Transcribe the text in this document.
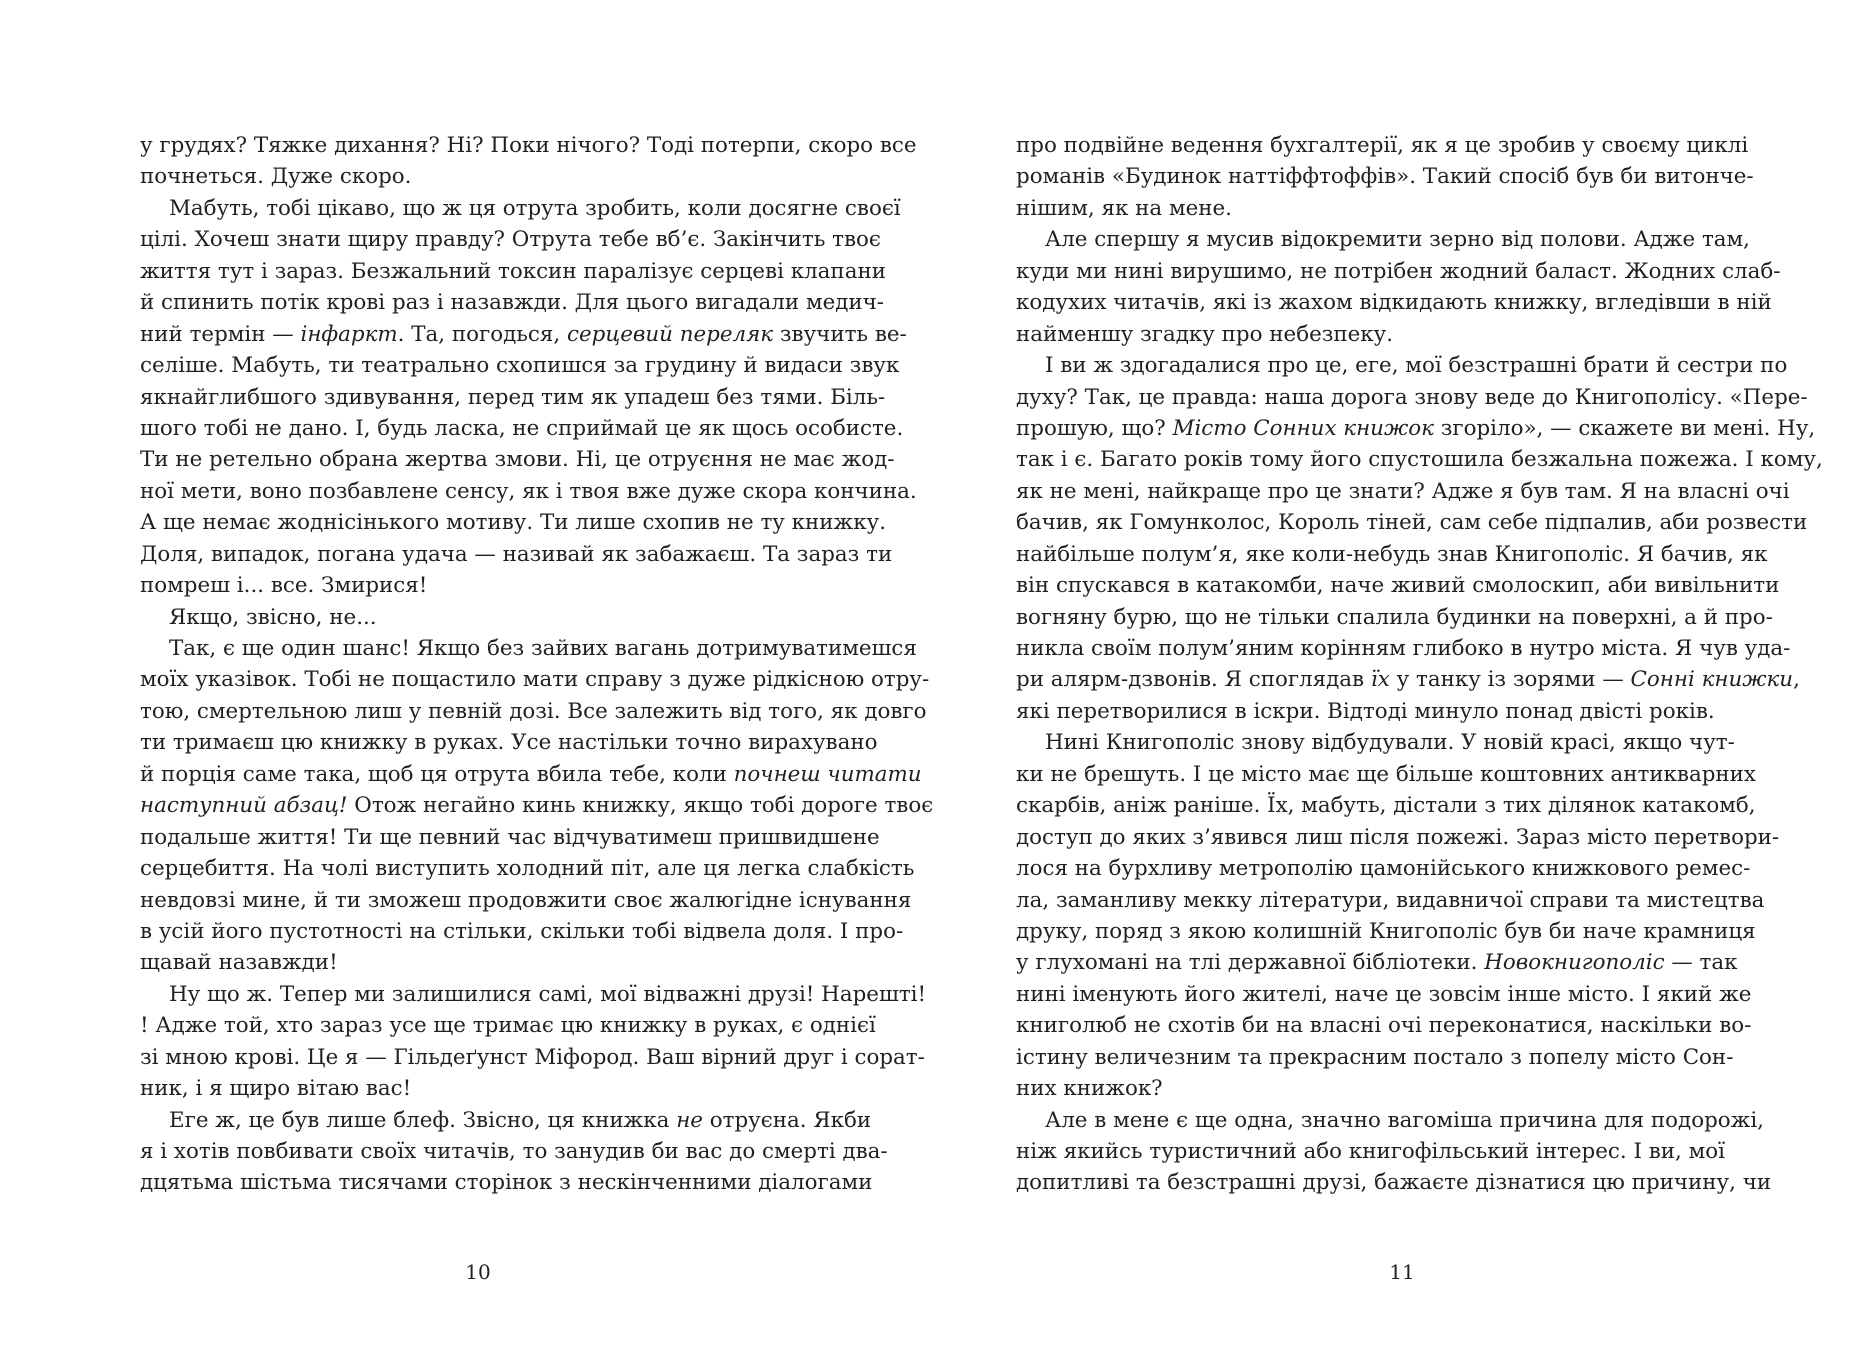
у грудях? Тяжке дихання? Ні? Поки нічого? Тоді потерпи, скоро все
почнеться. Дуже скоро.
Мабуть, тобі цікаво, що ж ця отрута зробить, коли досягне своєї
цілі. Хочеш знати щиру правду? Отрута тебе вб’є. Закінчить твоє
життя тут і зараз. Безжальний токсин паралізує серцеві клапани
й спинить потік крові раз і назавжди. Для цього вигадали медич-
ний термін — інфаркт. Та, погодься, серцевий переляк звучить ве-
селіше. Мабуть, ти театрально схопишся за грудину й видаси звук
якнайглибшого здивування, перед тим як упадеш без тями. Біль-
шого тобі не дано. І, будь ласка, не сприймай це як щось особисте.
Ти не ретельно обрана жертва змови. Ні, це отруєння не має жод-
ної мети, воно позбавлене сенсу, як і твоя вже дуже скора кончина.
А ще немає жоднісінького мотиву. Ти лише схопив не ту книжку.
Доля, випадок, погана удача — називай як забажаєш. Та зараз ти
помреш і... все. Змирися!
Якщо, звісно, не...
Так, є ще один шанс! Якщо без зайвих вагань дотримуватимешся
моїх указівок. Тобі не пощастило мати справу з дуже рідкісною отру-
тою, смертельною лиш у певній дозі. Все залежить від того, як довго
ти тримаєш цю книжку в руках. Усе настільки точно вирахувано
й порція саме така, щоб ця отрута вбила тебе, коли почнеш читати
наступний абзац! Отож негайно кинь книжку, якщо тобі дороге твоє
подальше життя! Ти ще певний час відчуватимеш пришвидшене
серцебиття. На чолі виступить холодний піт, але ця легка слабкість
невдовзі мине, й ти зможеш продовжити своє жалюгідне існування
в усій його пустотності на стільки, скільки тобі відвела доля. І про-
щавай назавжди!
Ну що ж. Тепер ми залишилися самі, мої відважні друзі! Нарешті!
! Адже той, хто зараз усе ще тримає цю книжку в руках, є однієї
зі мною крові. Це я — Гільдеґунст Міфород. Ваш вірний друг і сорат-
ник, і я щиро вітаю вас!
Еге ж, це був лише блеф. Звісно, ця книжка не отруєна. Якби
я і хотів повбивати своїх читачів, то занудив би вас до смерті два-
дцятьма шістьма тисячами сторінок з нескінченними діалогами
10
про подвійне ведення бухгалтерії, як я це зробив у своєму циклі
романів «Будинок наттіффтоффів». Такий спосіб був би витонче-
нішим, як на мене.
Але спершу я мусив відокремити зерно від полови. Адже там,
куди ми нині вирушимо, не потрібен жодний баласт. Жодних слаб-
кодухих читачів, які із жахом відкидають книжку, вгледівши в ній
найменшу згадку про небезпеку.
І ви ж здогадалися про це, еге, мої безстрашні брати й сестри по
духу? Так, це правда: наша дорога знову веде до Книгополісу. «Пере-
прошую, що? Місто Сонних книжок згоріло», — скажете ви мені. Ну,
так і є. Багато років тому його спустошила безжальна пожежа. І кому,
як не мені, найкраще про це знати? Адже я був там. Я на власні очі
бачив, як Гомунколос, Король тіней, сам себе підпалив, аби розвести
найбільше полум’я, яке коли-небудь знав Книгополіс. Я бачив, як
він спускався в катакомби, наче живий смолоскип, аби вивільнити
вогняну бурю, що не тільки спалила будинки на поверхні, а й про-
никла своїм полум’яним корінням глибоко в нутро міста. Я чув уда-
ри алярм-дзвонів. Я споглядав їх у танку із зорями — Сонні книжки,
які перетворилися в іскри. Відтоді минуло понад двісті років.
Нині Книгополіс знову відбудували. У новій красі, якщо чут-
ки не брешуть. І це місто має ще більше коштовних антикварних
скарбів, аніж раніше. Їх, мабуть, дістали з тих ділянок катакомб,
доступ до яких з’явився лиш після пожежі. Зараз місто перетвори-
лося на бурхливу метрополію цамонійського книжкового ремес-
ла, заманливу мекку літератури, видавничої справи та мистецтва
друку, поряд з якою колишній Книгополіс був би наче крамниця
у глухомані на тлі державної бібліотеки. Новокнигополіс — так
нині іменують його жителі, наче це зовсім інше місто. І який же
книголюб не схотів би на власні очі переконатися, наскільки во-
істину величезним та прекрасним постало з попелу місто Сон-
них книжок?
Але в мене є ще одна, значно вагоміша причина для подорожі,
ніж якийсь туристичний або книгофільський інтерес. І ви, мої
допитливі та безстрашні друзі, бажаєте дізнатися цю причину, чи
11
